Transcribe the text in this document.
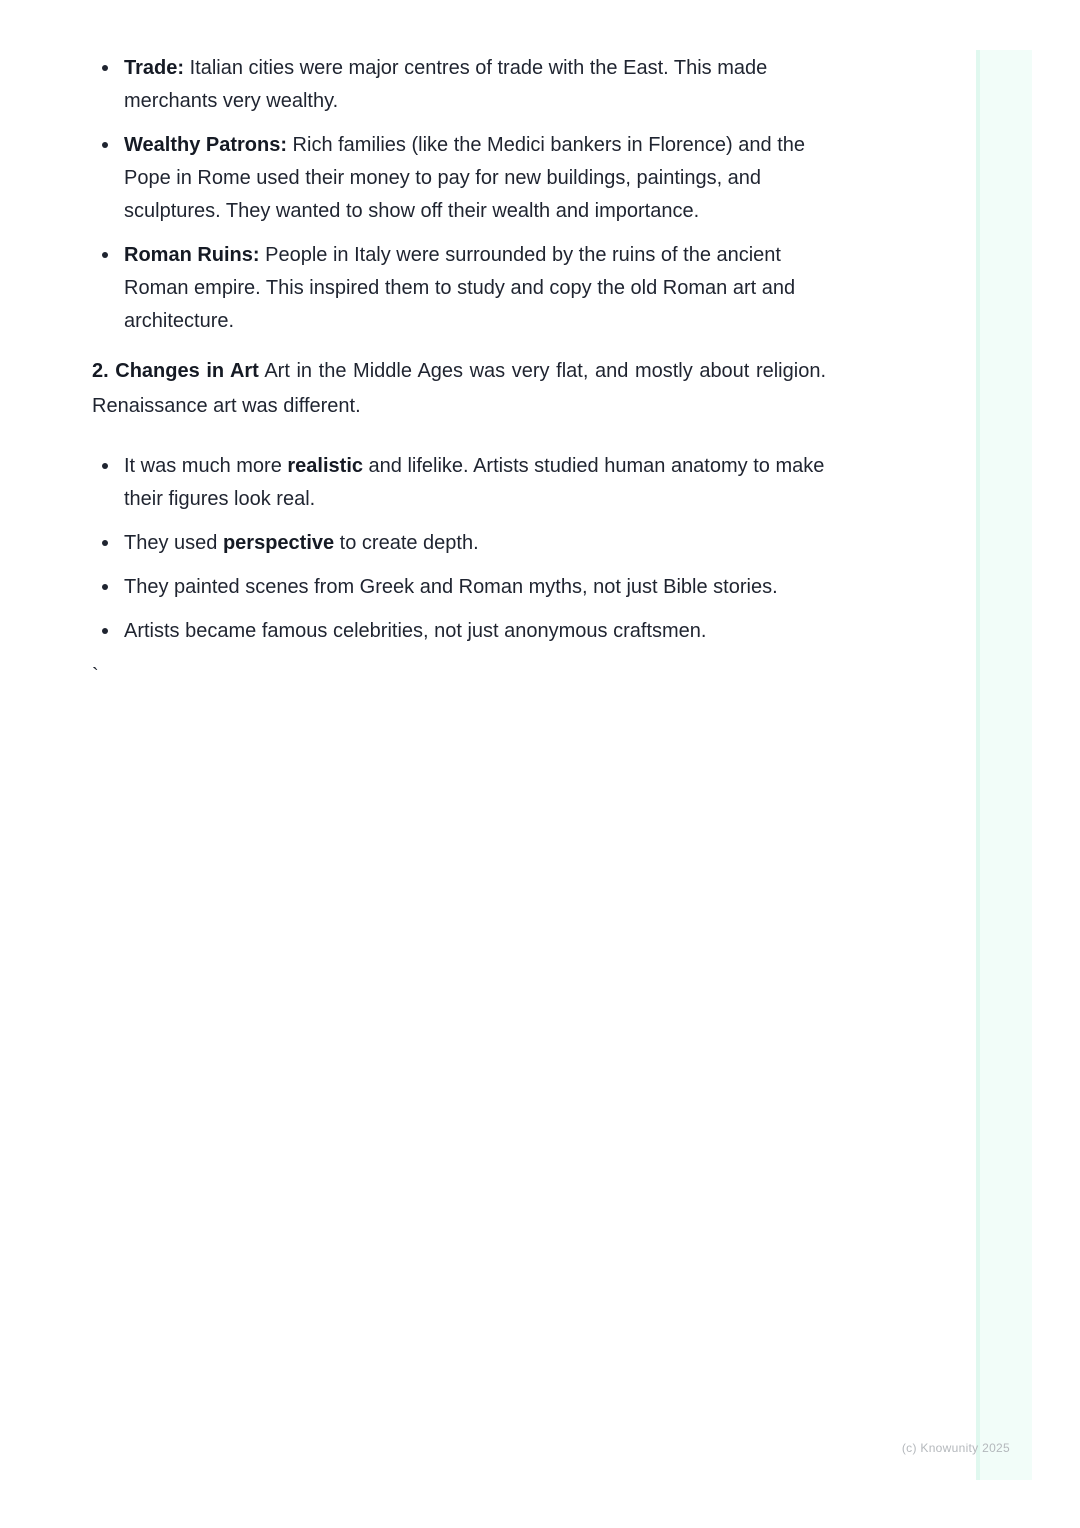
Trade: Italian cities were major centres of trade with the East. This made merchants very wealthy.
Wealthy Patrons: Rich families (like the Medici bankers in Florence) and the Pope in Rome used their money to pay for new buildings, paintings, and sculptures. They wanted to show off their wealth and importance.
Roman Ruins: People in Italy were surrounded by the ruins of the ancient Roman empire. This inspired them to study and copy the old Roman art and architecture.

2. Changes in Art Art in the Middle Ages was very flat, and mostly about religion. Renaissance art was different.

It was much more realistic and lifelike. Artists studied human anatomy to make their figures look real.
They used perspective to create depth.
They painted scenes from Greek and Roman myths, not just Bible stories.
Artists became famous celebrities, not just anonymous craftsmen.
`
(c) Knowunity 2025
